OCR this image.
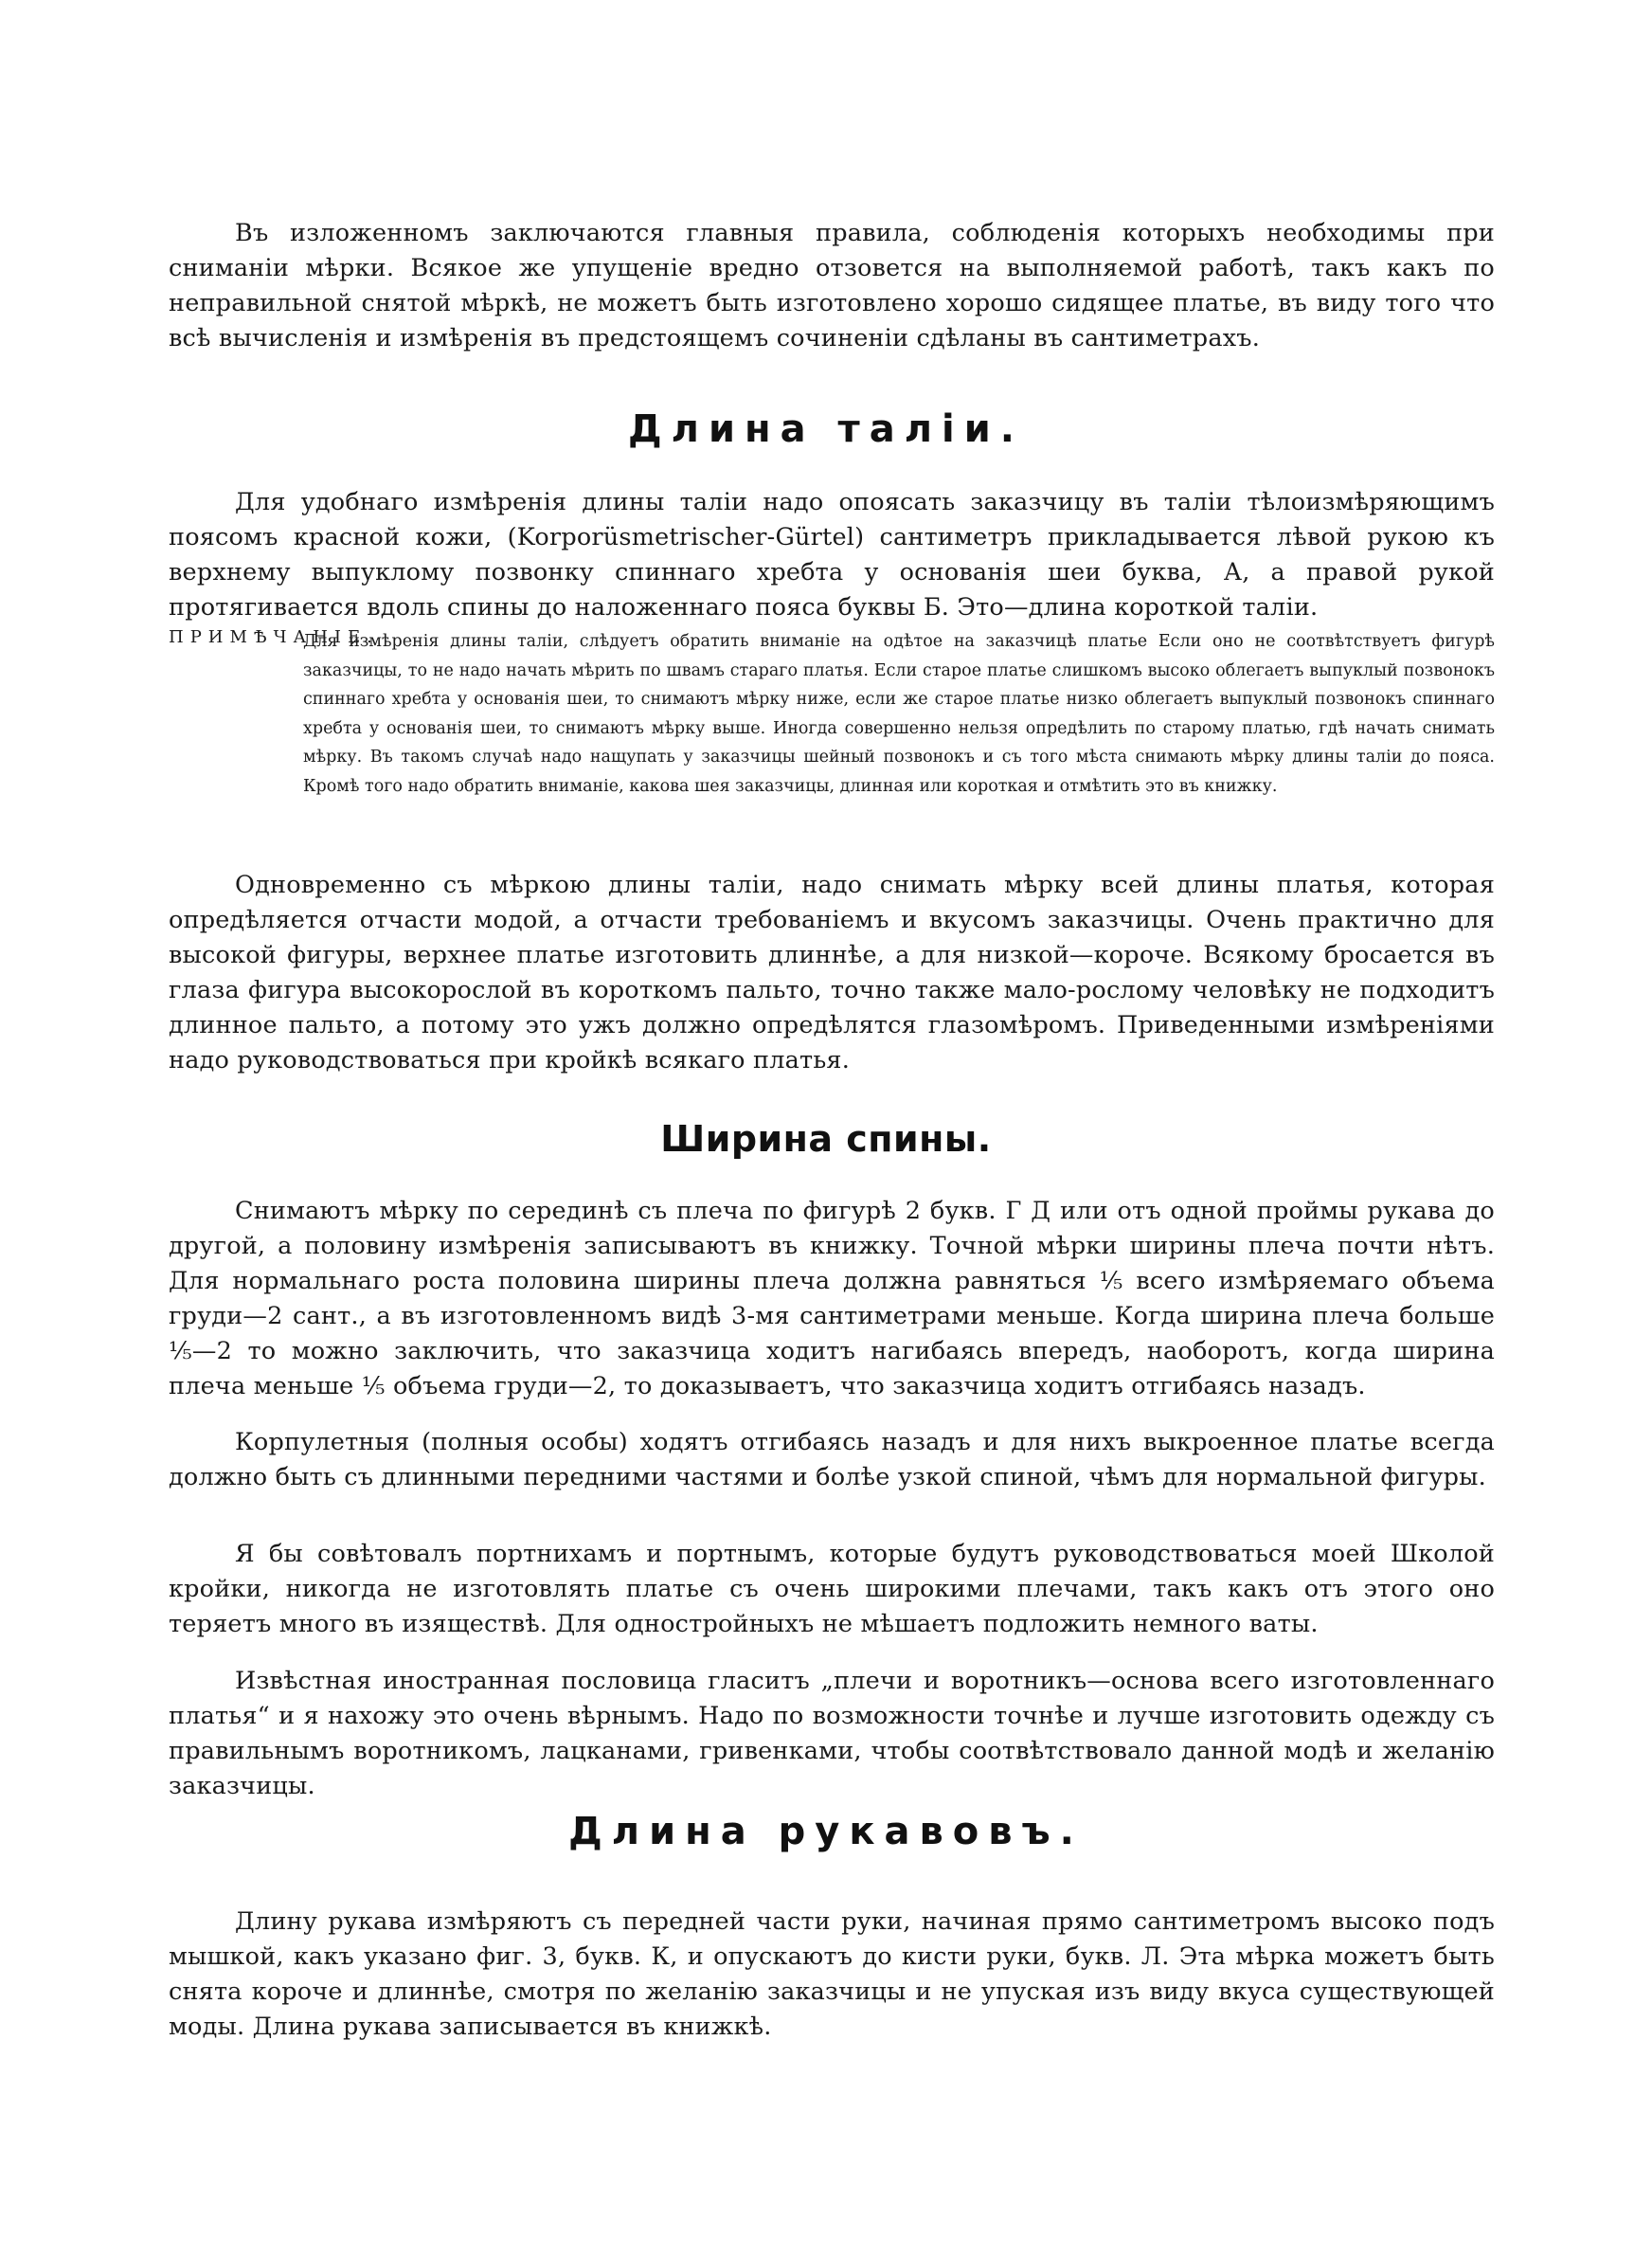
Въ изложенномъ заключаются главныя правила, соблюденія которыхъ необходимы при снимaніи мѣрки. Всякое же упущеніе вредно отзовется на выполняемой работѣ, такъ какъ по неправильной снятой мѣркѣ, не можетъ быть изготовлено хорошо сидящее платье, въ виду того что всѣ вычисленія и измѣренія въ предстоящемъ сочиненіи сдѣланы въ сантиметрахъ.

Длина таліи.

Для удобнаго измѣренія длины таліи надо опоясать заказчицу въ таліи тѣлоизмѣряющимъ поясомъ красной кожи, (Korporüsmetrischer-Gürtel) сантиметръ прикладывается лѣвой рукою къ верхнему выпуклому позвонку спиннаго хребта у основанія шеи буква, А, а правой рукой протягивается вдоль спины до наложеннаго пояса буквы Б. Это—длина короткой таліи.

ПРИМѢЧАНІЕ.

Для измѣренія длины таліи, слѣдуетъ обратить вниманіе на одѣтое на заказчицѣ платье Если оно не соотвѣтствуетъ фигурѣ заказчицы, то не надо начать мѣрить по швамъ стараго платья. Если старое платье слишкомъ высоко облегаетъ выпуклый позвонокъ спиннаго хребта у основанія шеи, то снимаютъ мѣрку ниже, если же старое платье низко облегаетъ выпуклый позвонокъ спиннаго хребта у основанія шеи, то снимаютъ мѣрку выше. Иногда совершенно нельзя опредѣлить по старому платью, гдѣ начать снимать мѣрку. Въ такомъ случаѣ надо нащупать у заказчицы шейный позвонокъ и съ того мѣста снимають мѣрку длины таліи до пояса. Кромѣ того надо обратить вниманіе, какова шея заказчицы, длинная или короткая и отмѣтить это въ книжку.

Одновременно съ мѣркою длины таліи, надо снимать мѣрку всей длины платья, которая опредѣляется отчасти модой, а отчасти требованіемъ и вкусомъ заказчицы. Очень практично для высокой фигуры, верхнее платье изготовить длиннѣе, а для низкой—короче. Всякому бросается въ глаза фигура высокорослой въ короткомъ пальто, точно также мало-рослому человѣку не подходитъ длинное пальто, а потому это ужъ должно опредѣлятся глазомѣромъ. Приведенными измѣреніями надо руководствоваться при кройкѣ всякаго платья.

Ширина спины.

Снимаютъ мѣрку по серединѣ съ плеча по фигурѣ 2 букв. Г Д или отъ одной проймы рукава до другой, а половину измѣренія записываютъ въ книжку. Точной мѣрки ширины плеча почти нѣтъ. Для нормальнаго роста половина ширины плеча должна равняться ⅕ всего измѣряемаго объема груди—2 сант., а въ изготовленномъ видѣ 3-мя сантиметрами меньше. Когда ширина плеча больше ⅕—2 то можно заключить, что заказчица ходитъ нагибаясь впередъ, наоборотъ, когда ширина плеча меньше ⅕ объема груди—2, то доказываетъ, что заказчица ходитъ отгибаясь назадъ.

Корпулетныя (полныя особы) ходятъ отгибаясь назадъ и для нихъ выкроенное платье всегда должно быть съ длинными передними частями и болѣе узкой спиной, чѣмъ для нормальной фигуры.

Я бы совѣтовалъ портнихамъ и портнымъ, которые будутъ руководствоваться моей Школой кройки, никогда не изготовлять платье съ очень широкими плечами, такъ какъ отъ этого оно теряетъ много въ изяществѣ. Для одностройныхъ не мѣшаетъ подложить немного ваты.

Извѣстная иностранная пословица гласитъ „плечи и воротникъ—основа всего изготовленнаго платья“ и я нахожу это очень вѣрнымъ. Надо по возможности точнѣе и лучше изготовить одежду съ правильнымъ воротникомъ, лацканами, гривенками, чтобы соотвѣтствовало данной модѣ и желанію заказчицы.

Длина рукавовъ.

Длину рукава измѣряютъ съ передней части руки, начиная прямо сантиметромъ высоко подъ мышкой, какъ указано фиг. 3, букв. К, и опускаютъ до кисти руки, букв. Л. Эта мѣрка можетъ быть снята короче и длиннѣе, смотря по желанію заказчицы и не упуская изъ виду вкуса существующей моды. Длина рукава записывается въ книжкѣ.
